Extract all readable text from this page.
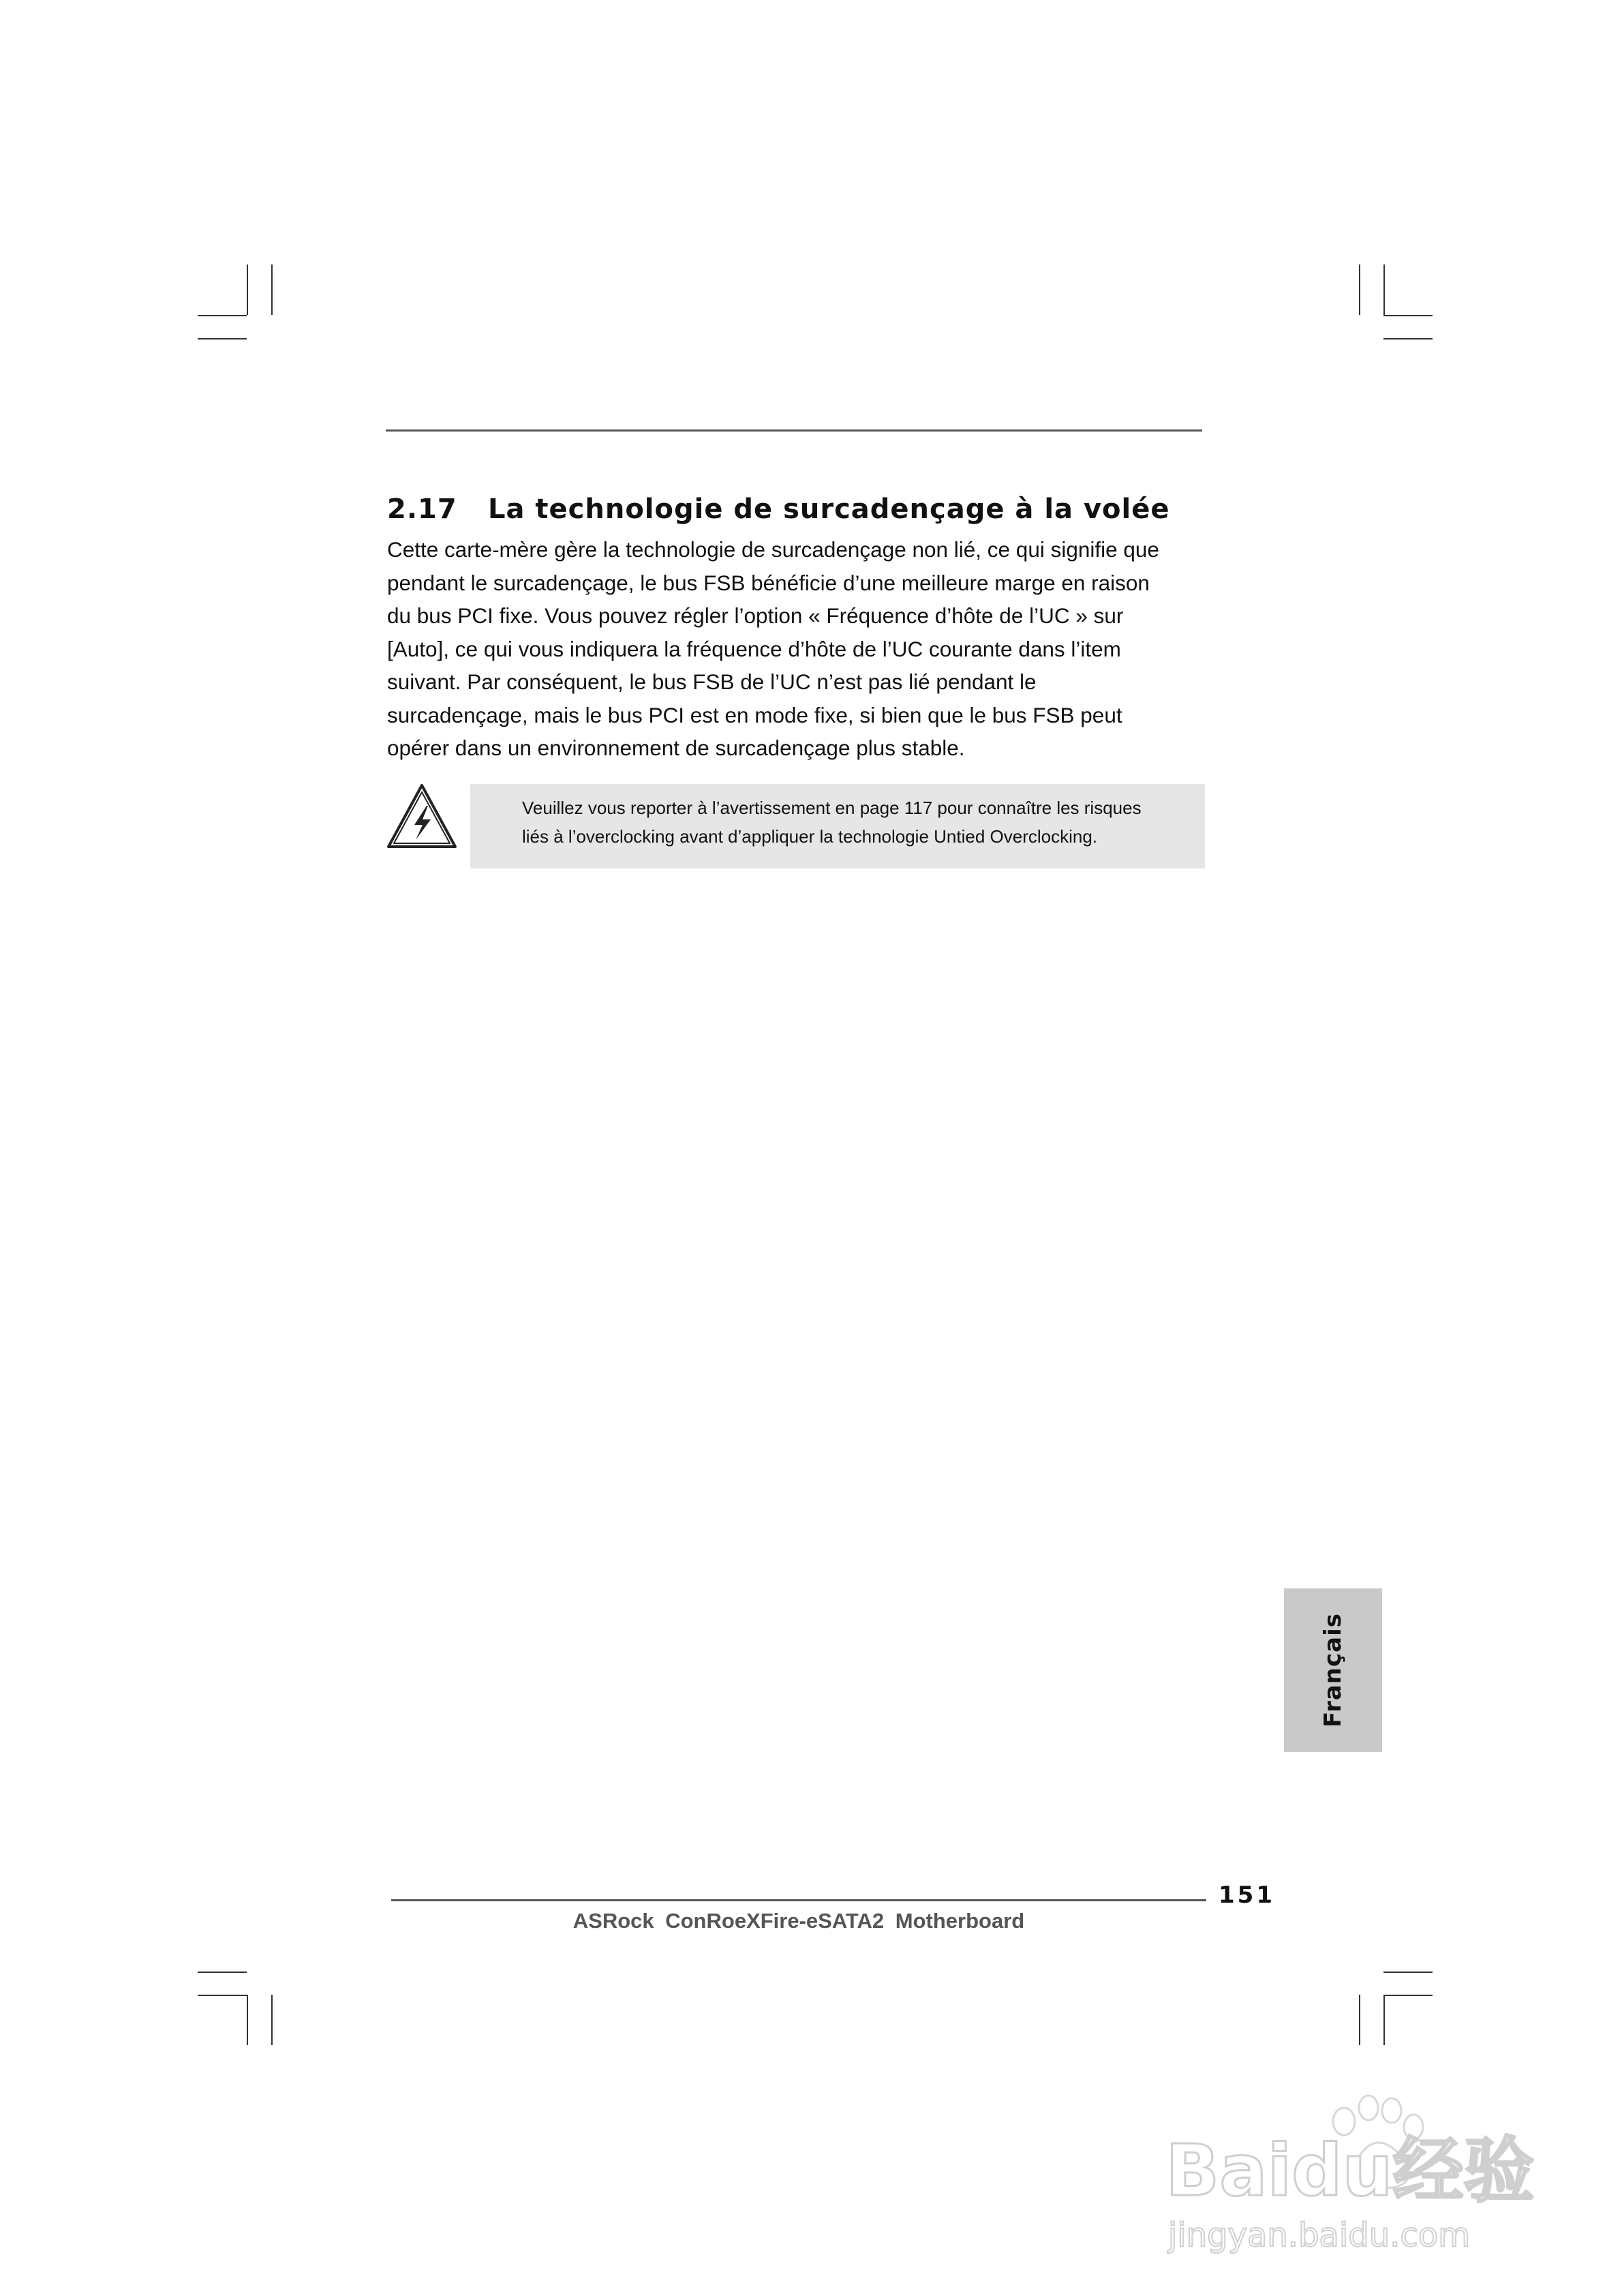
2.17 La technologie de surcadençage à la volée

Cette carte-mère gère la technologie de surcadençage non lié, ce qui signifie que

pendant le surcadençage, le bus FSB bénéficie d’une meilleure marge en raison

du bus PCI fixe. Vous pouvez régler l’option « Fréquence d’hôte de l’UC » sur

[Auto], ce qui vous indiquera la fréquence d’hôte de l’UC courante dans l’item

suivant. Par conséquent, le bus FSB de l’UC n’est pas lié pendant le

surcadençage, mais le bus PCI est en mode fixe, si bien que le bus FSB peut

opérer dans un environnement de surcadençage plus stable.

Veuillez vous reporter à l’avertissement en page 117 pour connaître les risques

liés à l’overclocking avant d’appliquer la technologie Untied Overclocking.

Français
151
ASRock ConRoeXFire-eSATA2 Motherboard
Baidu经验
jingyan.baidu.com
